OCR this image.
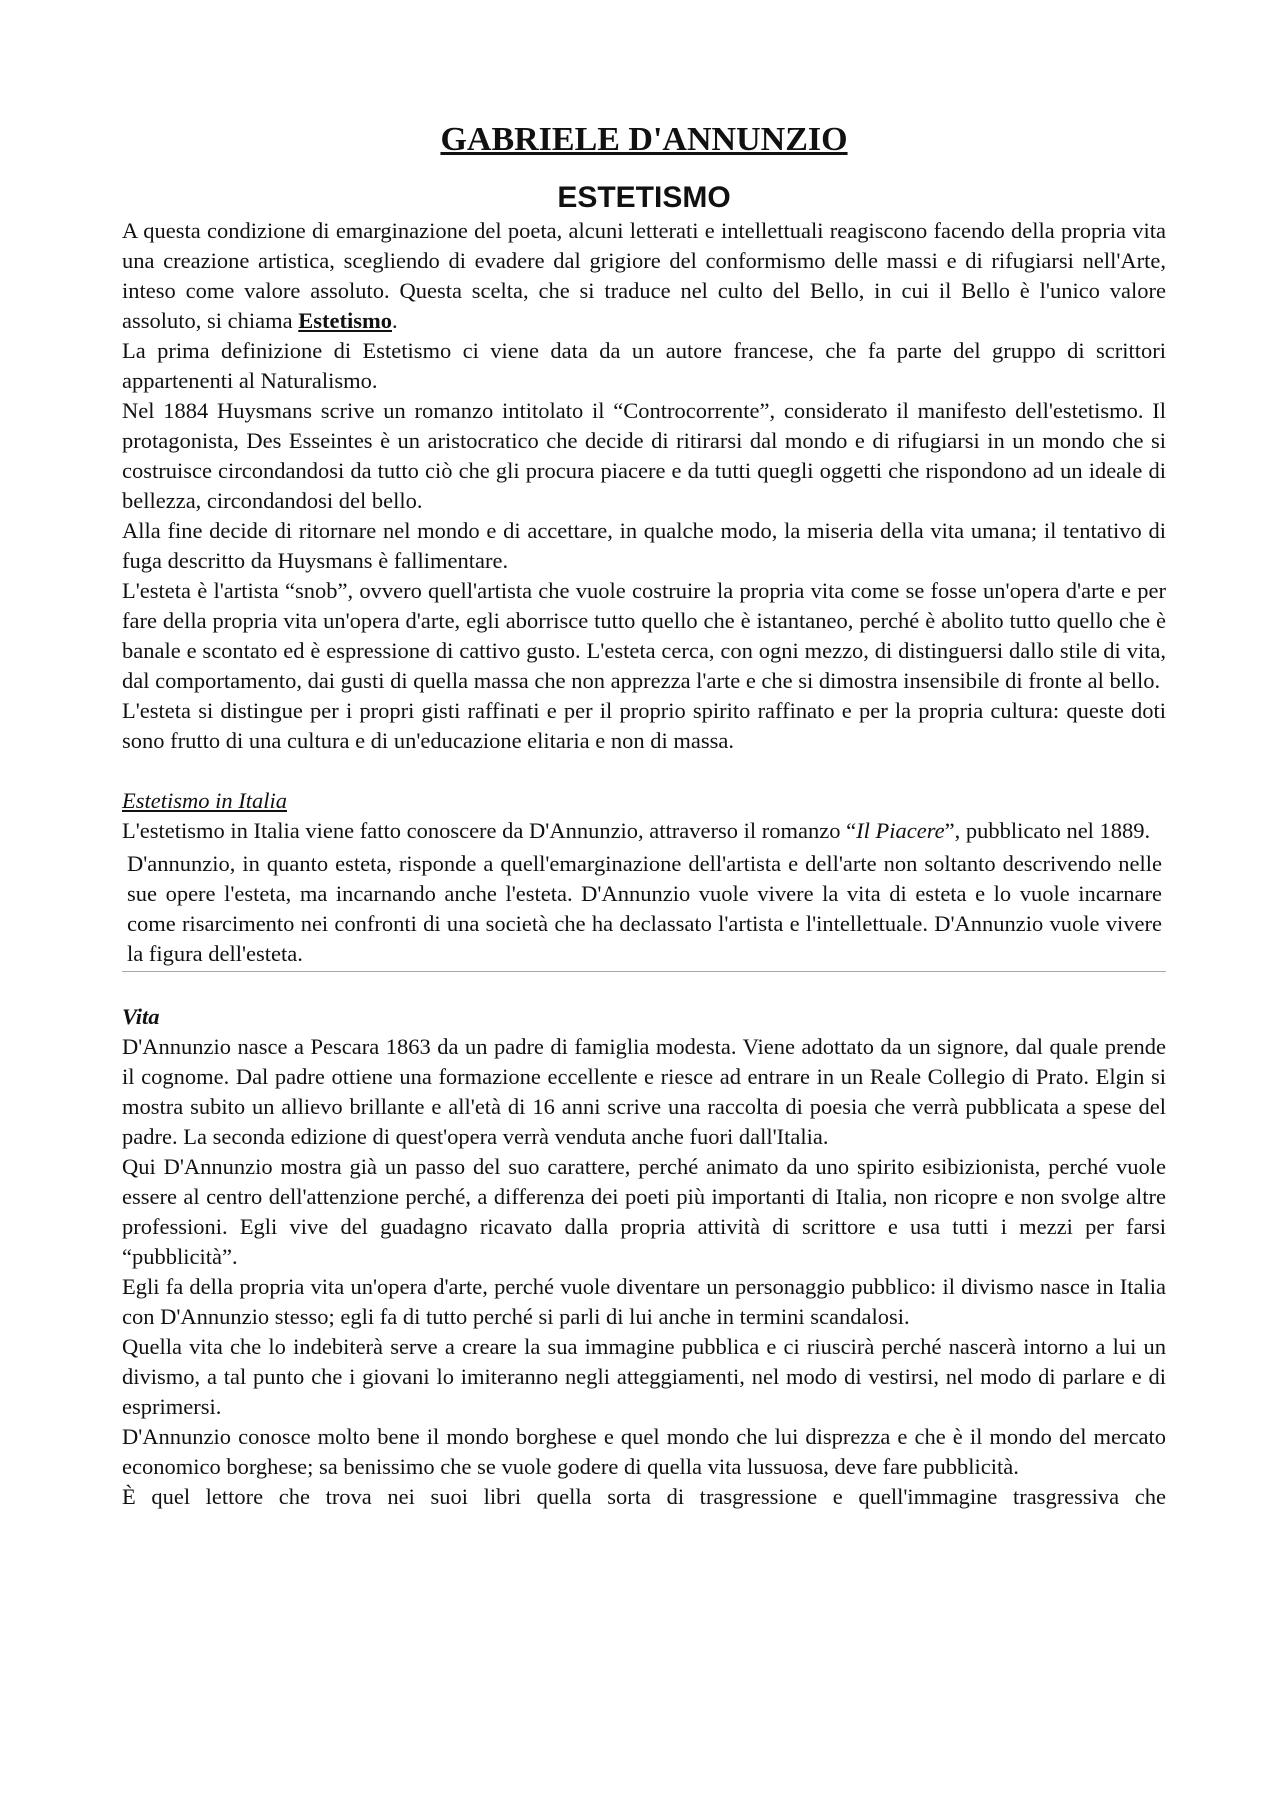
GABRIELE D'ANNUNZIO
ESTETISMO

A questa condizione di emarginazione del poeta, alcuni letterati e intellettuali reagiscono facendo della propria vita una creazione artistica, scegliendo di evadere dal grigiore del conformismo delle massi e di rifugiarsi nell'Arte, inteso come valore assoluto. Questa scelta, che si traduce nel culto del Bello, in cui il Bello è l'unico valore assoluto, si chiama Estetismo.

La prima definizione di Estetismo ci viene data da un autore francese, che fa parte del gruppo di scrittori appartenenti al Naturalismo.

Nel 1884 Huysmans scrive un romanzo intitolato il “Controcorrente”, considerato il manifesto dell'estetismo. Il protagonista, Des Esseintes è un aristocratico che decide di ritirarsi dal mondo e di rifugiarsi in un mondo che si costruisce circondandosi da tutto ciò che gli procura piacere e da tutti quegli oggetti che rispondono ad un ideale di bellezza, circondandosi del bello.

Alla fine decide di ritornare nel mondo e di accettare, in qualche modo, la miseria della vita umana; il tentativo di fuga descritto da Huysmans è fallimentare.

L'esteta è l'artista “snob”, ovvero quell'artista che vuole costruire la propria vita come se fosse un'opera d'arte e per fare della propria vita un'opera d'arte, egli aborrisce tutto quello che è istantaneo, perché è abolito tutto quello che è banale e scontato ed è espressione di cattivo gusto. L'esteta cerca, con ogni mezzo, di distinguersi dallo stile di vita, dal comportamento, dai gusti di quella massa che non apprezza l'arte e che si dimostra insensibile di fronte al bello.

L'esteta si distingue per i propri gisti raffinati e per il proprio spirito raffinato e per la propria cultura: queste doti sono frutto di una cultura e di un'educazione elitaria e non di massa.

Estetismo in Italia

L'estetismo in Italia viene fatto conoscere da D'Annunzio, attraverso il romanzo “Il Piacere”, pubblicato nel 1889.

D'annunzio, in quanto esteta, risponde a quell'emarginazione dell'artista e dell'arte non soltanto descrivendo nelle sue opere l'esteta, ma incarnando anche l'esteta. D'Annunzio vuole vivere la vita di esteta e lo vuole incarnare come risarcimento nei confronti di una società che ha declassato l'artista e l'intellettuale. D'Annunzio vuole vivere la figura dell'esteta.

Vita

D'Annunzio nasce a Pescara 1863 da un padre di famiglia modesta. Viene adottato da un signore, dal quale prende il cognome. Dal padre ottiene una formazione eccellente e riesce ad entrare in un Reale Collegio di Prato. Elgin si mostra subito un allievo brillante e all'età di 16 anni scrive una raccolta di poesia che verrà pubblicata a spese del padre. La seconda edizione di quest'opera verrà venduta anche fuori dall'Italia.

Qui D'Annunzio mostra già un passo del suo carattere, perché animato da uno spirito esibizionista, perché vuole essere al centro dell'attenzione perché, a differenza dei poeti più importanti di Italia, non ricopre e non svolge altre professioni. Egli vive del guadagno ricavato dalla propria attività di scrittore e usa tutti i mezzi per farsi “pubblicità”.

Egli fa della propria vita un'opera d'arte, perché vuole diventare un personaggio pubblico: il divismo nasce in Italia con D'Annunzio stesso; egli fa di tutto perché si parli di lui anche in termini scandalosi.

Quella vita che lo indebiterà serve a creare la sua immagine pubblica e ci riuscirà perché nascerà intorno a lui un divismo, a tal punto che i giovani lo imiteranno negli atteggiamenti, nel modo di vestirsi, nel modo di parlare e di esprimersi.

D'Annunzio conosce molto bene il mondo borghese e quel mondo che lui disprezza e che è il mondo del mercato economico borghese; sa benissimo che se vuole godere di quella vita lussuosa, deve fare pubblicità.

È quel lettore che trova nei suoi libri quella sorta di trasgressione e quell'immagine trasgressiva che
